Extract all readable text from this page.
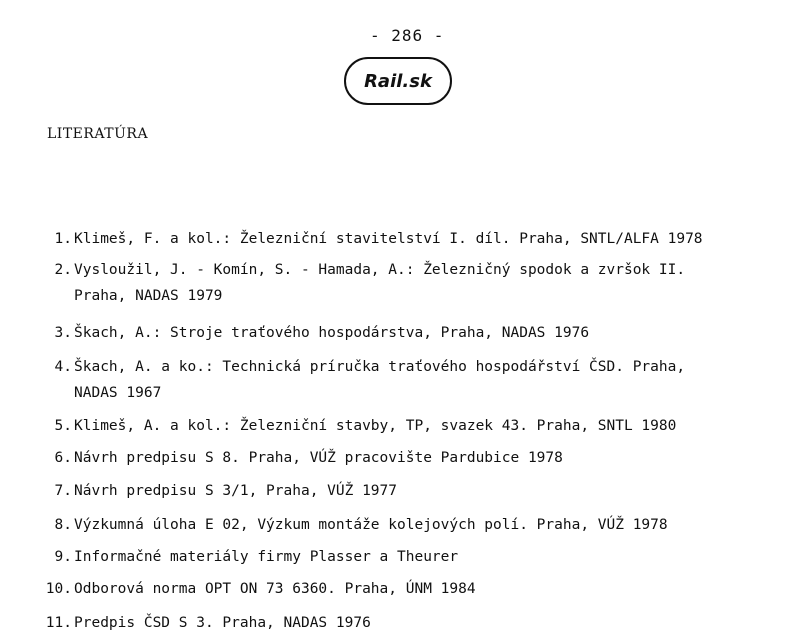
- 286 -
Rail.sk
LITERATÚRA
1. Klimeš, F. a kol.: Železniční stavitelství I. díl. Praha, SNTL/ALFA 1978
2. Vysloužil, J. - Komín, S. - Hamada, A.: Železničný spodok a zvršok II.
Praha, NADAS 1979
3. Škach, A.: Stroje traťového hospodárstva, Praha, NADAS 1976
4. Škach, A. a ko.: Technická príručka traťového hospodářství ČSD. Praha,
NADAS 1967
5. Klimeš, A. a kol.: Železniční stavby, TP, svazek 43. Praha, SNTL 1980
6. Návrh predpisu S 8. Praha, VÚŽ pracovište Pardubice 1978
7. Návrh predpisu S 3/1, Praha, VÚŽ 1977
8. Výzkumná úloha E 02, Výzkum montáže kolejových polí. Praha, VÚŽ 1978
9. Informačné materiály firmy Plasser a Theurer
10. Odborová norma OPT ON 73 6360. Praha, ÚNM 1984
11. Predpis ČSD S 3. Praha, NADAS 1976
